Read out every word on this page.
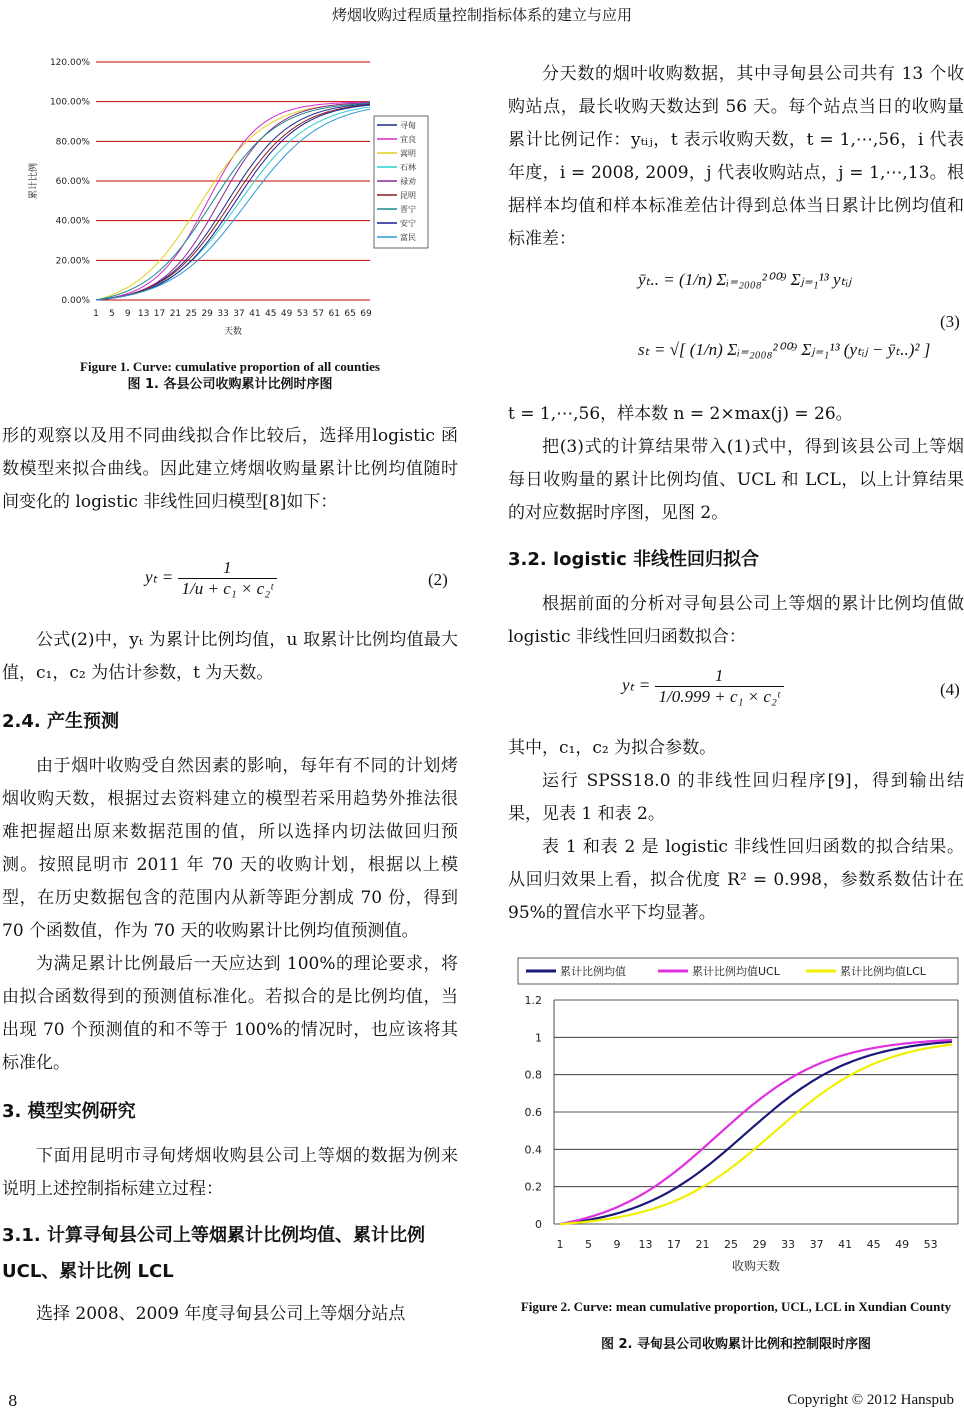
烤烟收购过程质量控制指标体系的建立与应用
0.00%
20.00%
40.00%
60.00%
80.00%
100.00%
120.00%
1 5 9 13 17 21 25 29 33 37 41 45 49 53 57 61 65 69
天数
累计比例
寻甸
宜良
嵩明
石林
禄劝
昆明
晋宁
安宁
富民
Figure 1. Curve: cumulative proportion of all counties
图 1. 各县公司收购累计比例时序图

形的观察以及用不同曲线拟合作比较后，选择用logistic 函数模型来拟合曲线。因此建立烤烟收购量累计比例均值随时间变化的 logistic 非线性回归模型[8]如下：

$y_t = \frac{1}{\text{1/u + c₁ × c₂ᵗ}}$	(2)

公式(2)中，yₜ 为累计比例均值，u 取累计比例均值最大值，c₁，c₂ 为估计参数，t 为天数。

2.4. 产生预测

由于烟叶收购受自然因素的影响，每年有不同的计划烤烟收购天数，根据过去资料建立的模型若采用趋势外推法很难把握超出原来数据范围的值，所以选择内切法做回归预测。按照昆明市 2011 年 70 天的收购计划，根据以上模型，在历史数据包含的范围内从新等距分割成 70 份，得到 70 个函数值，作为 70 天的收购累计比例均值预测值。

为满足累计比例最后一天应达到 100%的理论要求，将由拟合函数得到的预测值标准化。若拟合的是比例均值，当出现 70 个预测值的和不等于 100%的情况时，也应该将其标准化。

3. 模型实例研究

下面用昆明市寻甸烤烟收购县公司上等烟的数据为例来说明上述控制指标建立过程：

3.1. 计算寻甸县公司上等烟累计比例均值、累计比例 UCL、累计比例 LCL

选择 2008、2009 年度寻甸县公司上等烟分站点

分天数的烟叶收购数据，其中寻甸县公司共有 13 个收购站点，最长收购天数达到 56 天。每个站点当日的收购量累计比例记作：yₜᵢⱼ，t 表示收购天数，t = 1,⋯,56，i 代表年度，i = 2008, 2009，j 代表收购站点，j = 1,⋯,13。根据样本均值和样本标准差估计得到总体当日累计比例均值和标准差：

ȳₜ.. = (1/n) Σᵢ₌₂₀₀₈²⁰⁰⁹ Σⱼ₌₁¹³ yₜᵢⱼ
sₜ = √[ (1/n) Σᵢ₌₂₀₀₈²⁰⁰⁹ Σⱼ₌₁¹³ (yₜᵢⱼ − ȳₜ..)² ]
(3)

t = 1,⋯,56，样本数 n = 2×max(j) = 26。

把(3)式的计算结果带入(1)式中，得到该县公司上等烟每日收购量的累计比例均值、UCL 和 LCL，以上计算结果的对应数据时序图，见图 2。

3.2. logistic 非线性回归拟合

根据前面的分析对寻甸县公司上等烟的累计比例均值做 logistic 非线性回归函数拟合：

$y_t = \frac{1}{\text{1/0.999 + c₁ × c₂ᵗ}}$	(4)

其中，c₁，c₂ 为拟合参数。

运行 SPSS18.0 的非线性回归程序[9]，得到输出结果，见表 1 和表 2。

表 1 和表 2 是 logistic 非线性回归函数的拟合结果。从回归效果上看，拟合优度 R² = 0.998，参数系数估计在 95%的置信水平下均显著。

累计比例均值	累计比例均值UCL	累计比例均值LCL
0
0.2
0.4
0.6
0.8
1
1.2
1 5 9 13 17 21 25 29 33 37 41 45 49 53
收购天数
Figure 2. Curve: mean cumulative proportion, UCL, LCL in Xundian County
图 2. 寻甸县公司收购累计比例和控制限时序图
8	Copyright © 2012 Hanspub
